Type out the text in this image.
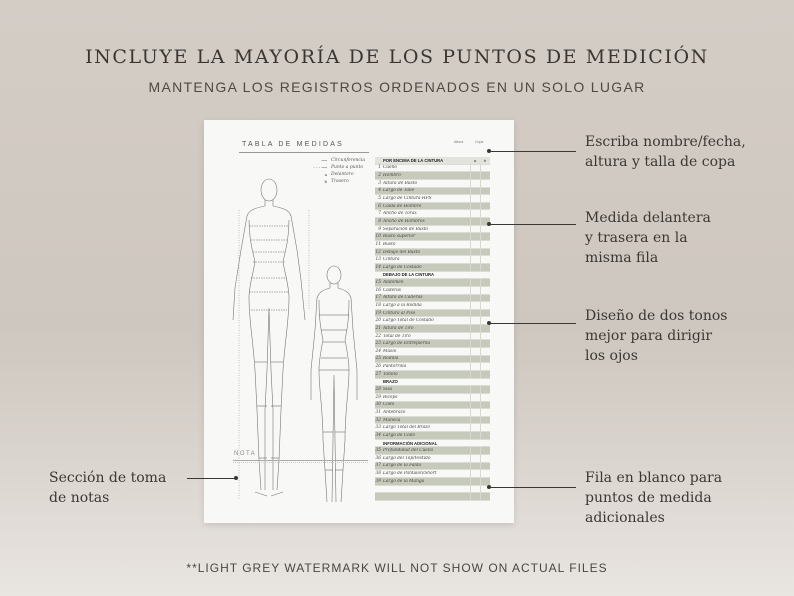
INCLUYE LA MAYORÍA DE LOS PUNTOS DE MEDICIÓN
MANTENGA LOS REGISTROS ORDENADOS EN UN SOLO LUGAR
TABLA DE MEDIDAS	Altura	Copa
⟶ Circunferencia
- - - ⟶ Punto a punto
a Delantero
b Trasero
NOTA
POR ENCIMA DE LA CINTURA	a	b
1 Cuello
2 Hombro
3 Altura de Busto
4 Largo de Talle
5 Largo de Cintura-HPS
6 Caída de Hombro
7 Ancho de Tórax
8 Ancho de Hombros
9 Separación de Busto
10 Busto superior
11 Busto
12 Debajo del Busto
13 Cintura
14 Largo de Costado
DEBAJO DE LA CINTURA
15 Abdomen
16 Caderas
17 Altura de Caderas
18 Largo a la Rodilla
19 Cintura al Piso
20 Largo Total de Costado
21 Altura de Tiro
22 Total de Tiro
23 Largo de Entrepierna
24 Muslo
25 Rodilla
26 Pantorrilla
27 Tobillo
BRAZO
28 Sisa
29 Bíceps
30 Codo
31 Antebrazo
32 Muñeca
33 Largo Total del Brazo
34 Largo de Codo
INFORMACIÓN ADICIONAL
35 Profundidad del Cuello
36 Largo del Top/Vestido
37 Largo de la Falda
38 Largo de Pantalón/Short
39 Largo de la Manga
Escriba nombre/fecha,
altura y talla de copa
Medida delantera
y trasera en la
misma fila
Diseño de dos tonos
mejor para dirigir
los ojos
Sección de toma
de notas
Fila en blanco para
puntos de medida
adicionales
**LIGHT GREY WATERMARK WILL NOT SHOW ON ACTUAL FILES
